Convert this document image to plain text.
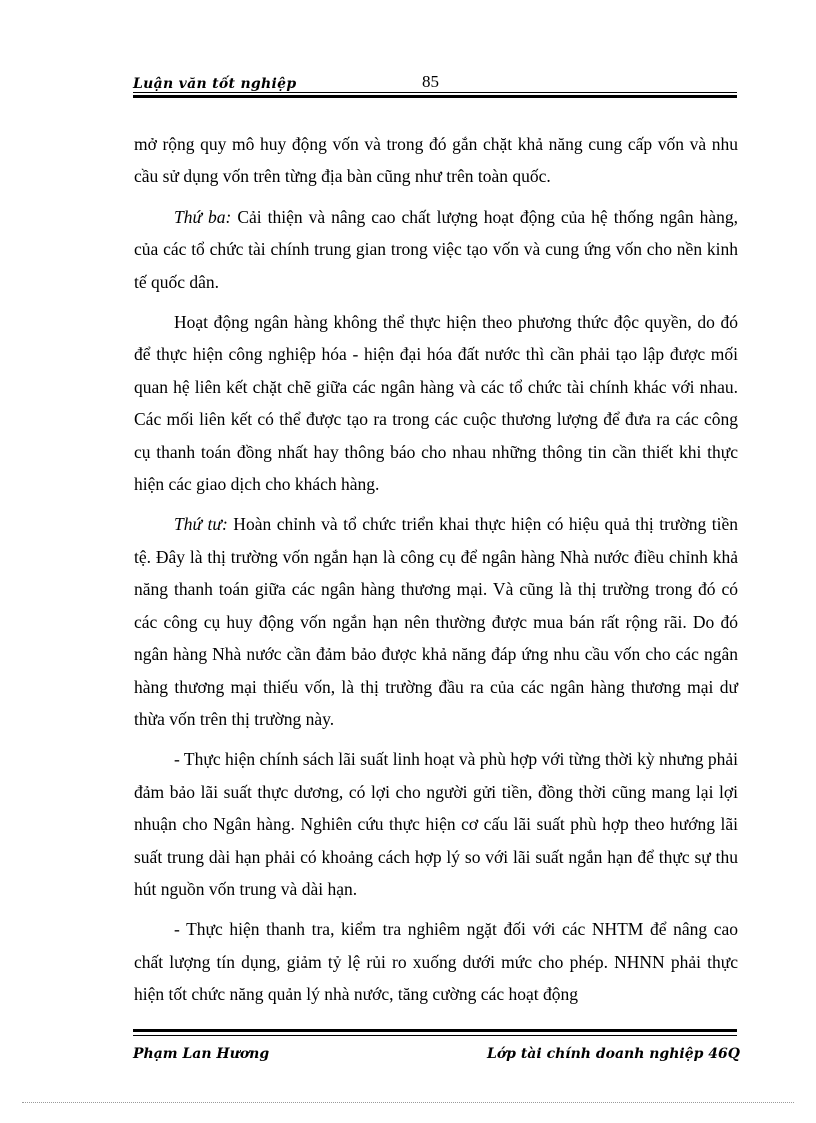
Luận văn tốt nghiệp	85

mở rộng quy mô huy động vốn và trong đó gắn chặt khả năng cung cấp vốn và nhu cầu sử dụng vốn trên từng địa bàn cũng như trên toàn quốc.

Thứ ba: Cải thiện và nâng cao chất lượng hoạt động của hệ thống ngân hàng, của các tổ chức tài chính trung gian trong việc tạo vốn và cung ứng vốn cho nền kinh tế quốc dân.

Hoạt động ngân hàng không thể thực hiện theo phương thức độc quyền, do đó để thực hiện công nghiệp hóa - hiện đại hóa đất nước thì cần phải tạo lập được mối quan hệ liên kết chặt chẽ giữa các ngân hàng và các tổ chức tài chính khác với nhau. Các mối liên kết có thể được tạo ra trong các cuộc thương lượng để đưa ra các công cụ thanh toán đồng nhất hay thông báo cho nhau những thông tin cần thiết khi thực hiện các giao dịch cho khách hàng.

Thứ tư: Hoàn chỉnh và tổ chức triển khai thực hiện có hiệu quả thị trường tiền tệ. Đây là thị trường vốn ngắn hạn là công cụ để ngân hàng Nhà nước điều chỉnh khả năng thanh toán giữa các ngân hàng thương mại. Và cũng là thị trường trong đó có các công cụ huy động vốn ngắn hạn nên thường được mua bán rất rộng rãi. Do đó ngân hàng Nhà nước cần đảm bảo được khả năng đáp ứng nhu cầu vốn cho các ngân hàng thương mại thiếu vốn, là thị trường đầu ra của các ngân hàng thương mại dư thừa vốn trên thị trường này.

- Thực hiện chính sách lãi suất linh hoạt và phù hợp với từng thời kỳ nhưng phải đảm bảo lãi suất thực dương, có lợi cho người gửi tiền, đồng thời cũng mang lại lợi nhuận cho Ngân hàng. Nghiên cứu thực hiện cơ cấu lãi suất phù hợp theo hướng lãi suất trung dài hạn phải có khoảng cách hợp lý so với lãi suất ngắn hạn để thực sự thu hút nguồn vốn trung và dài hạn.

- Thực hiện thanh tra, kiểm tra nghiêm ngặt đối với các NHTM để nâng cao chất lượng tín dụng, giảm tỷ lệ rủi ro xuống dưới mức cho phép. NHNN phải thực hiện tốt chức năng quản lý nhà nước, tăng cường các hoạt động

Phạm Lan Hương	Lớp tài chính doanh nghiệp 46Q
